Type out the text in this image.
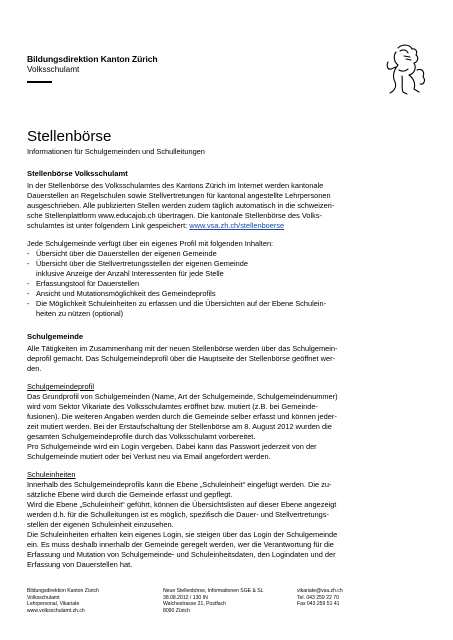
Bildungsdirektion Kanton Zürich
Volksschulamt
Stellenbörse
Informationen für Schulgemeinden und Schulleitungen
Stellenbörse Volksschulamt
In der Stellenbörse des Volksschulamtes des Kantons Zürich im Internet werden kantonale
Dauerstellen an Regelschulen sowie Stellvertretungen für kantonal angestellte Lehrpersonen
ausgeschrieben. Alle publizierten Stellen werden zudem täglich automatisch in die schweizeri-
sche Stellenplattform www.educajob.ch übertragen. Die kantonale Stellenbörse des Volks-
schulamtes ist unter folgendem Link gespeichert: www.vsa.zh.ch/stellenboerse
Jede Schulgemeinde verfügt über ein eigenes Profil mit folgenden Inhalten:
- Übersicht über die Dauerstellen der eigenen Gemeinde
- Übersicht über die Stellvertretungsstellen der eigenen Gemeinde
inklusive Anzeige der Anzahl Interessenten für jede Stelle
- Erfassungstool für Dauerstellen
- Ansicht und Mutationsmöglichkeit des Gemeindeprofils
- Die Möglichkeit Schuleinheiten zu erfassen und die Übersichten auf der Ebene Schulein-
heiten zu nützen (optional)
Schulgemeinde
Alle Tätigkeiten im Zusammenhang mit der neuen Stellenbörse werden über das Schulgemein-
deprofil gemacht. Das Schulgemeindeprofil über die Hauptseite der Stellenbörse geöffnet wer-
den.
Schulgemeindeprofil
Das Grundprofil von Schulgemeinden (Name, Art der Schulgemeinde, Schulgemeindenummer)
wird vom Sektor Vikariate des Volksschulamtes eröffnet bzw. mutiert (z.B. bei Gemeinde-
fusionen). Die weiteren Angaben werden durch die Gemeinde selber erfasst und können jeder-
zeit mutiert werden. Bei der Erstaufschaltung der Stellenbörse am 8. August 2012 wurden die
gesamten Schulgemeindeprofile durch das Volksschulamt vorbereitet.
Pro Schulgemeinde wird ein Login vergeben. Dabei kann das Passwort jederzeit von der
Schulgemeinde mutiert oder bei Verlust neu via Email angefordert werden.
Schuleinheiten
Innerhalb des Schulgemeindeprofils kann die Ebene „Schuleinheit“ eingefügt werden. Die zu-
sätzliche Ebene wird durch die Gemeinde erfasst und gepflegt.
Wird die Ebene „Schuleinheit“ geführt, können die Übersichtslisten auf dieser Ebene angezeigt
werden d.h. für die Schulleitungen ist es möglich, spezifisch die Dauer- und Stellvertretungs-
stellen der eigenen Schuleinheit einzusehen.
Die Schuleinheiten erhalten kein eigenes Login, sie steigen über das Login der Schulgemeinde
ein. Es muss deshalb innerhalb der Gemeinde geregelt werden, wer die Verantwortung für die
Erfassung und Mutation von Schulgemeinde- und Schuleinheitsdaten, den Logindaten und der
Erfassung von Dauerstellen hat.
Bildungsdirektion Kanton Zürich
Volksschulamt
Lehrpersonal, Vikariate
www.volksschulamt.zh.ch
Neue Stellenbörse, Informationen SGE & SL
38.08.2012 / 130 IN
Walchestrasse 21, Postfach
8090 Zürich
vikariate@vsa.zh.ch
Tel. 043 259 22 70
Fax 043 259 51 41
